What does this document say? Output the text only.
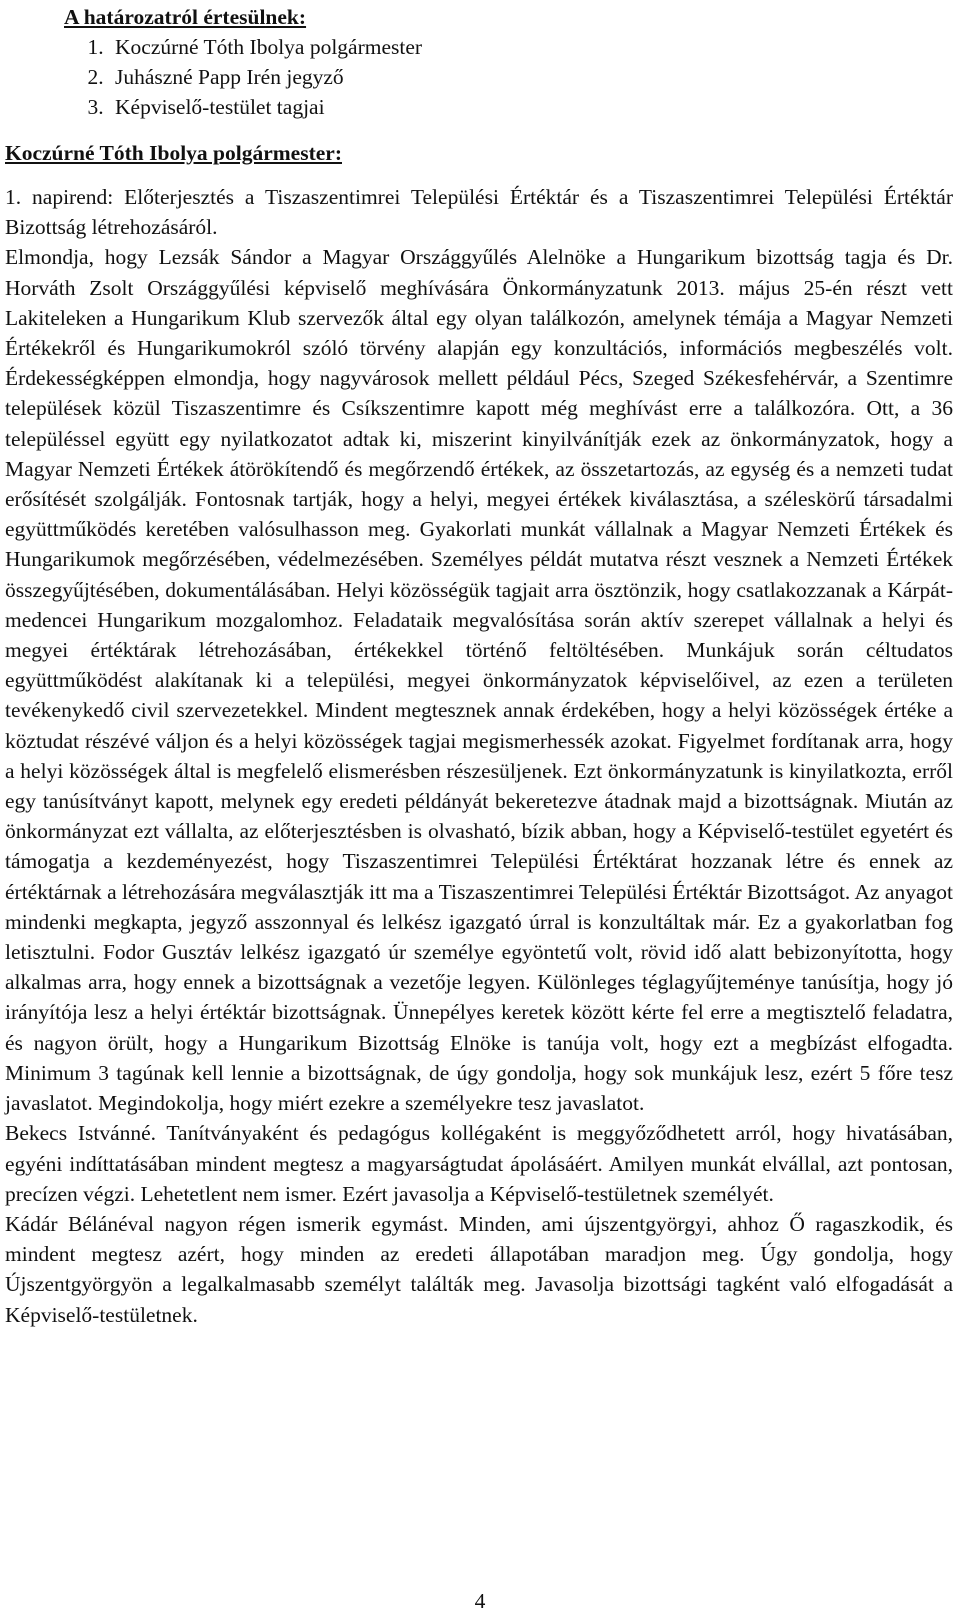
A határozatról értesülnek:

1. Koczúrné Tóth Ibolya polgármester
2. Juhászné Papp Irén jegyző
3. Képviselő-testület tagjai

Koczúrné Tóth Ibolya polgármester:

1. napirend: Előterjesztés a Tiszaszentimrei Települési Értéktár és a Tiszaszentimrei Települési Értéktár Bizottság létrehozásáról.

Elmondja, hogy Lezsák Sándor a Magyar Országgyűlés Alelnöke a Hungarikum bizottság tagja és Dr. Horváth Zsolt Országgyűlési képviselő meghívására Önkormányzatunk 2013. május 25-én részt vett Lakiteleken a Hungarikum Klub szervezők által egy olyan találkozón, amelynek témája a Magyar Nemzeti Értékekről és Hungarikumokról szóló törvény alapján egy konzultációs, információs megbeszélés volt. Érdekességképpen elmondja, hogy nagyvárosok mellett például Pécs, Szeged Székesfehérvár, a Szentimre települések közül Tiszaszentimre és Csíkszentimre kapott még meghívást erre a találkozóra. Ott, a 36 településsel együtt egy nyilatkozatot adtak ki, miszerint kinyilvánítják ezek az önkormányzatok, hogy a Magyar Nemzeti Értékek átörökítendő és megőrzendő értékek, az összetartozás, az egység és a nemzeti tudat erősítését szolgálják. Fontosnak tartják, hogy a helyi, megyei értékek kiválasztása, a széleskörű társadalmi együttműködés keretében valósulhasson meg. Gyakorlati munkát vállalnak a Magyar Nemzeti Értékek és Hungarikumok megőrzésében, védelmezésében. Személyes példát mutatva részt vesznek a Nemzeti Értékek összegyűjtésében, dokumentálásában. Helyi közösségük tagjait arra ösztönzik, hogy csatlakozzanak a Kárpát-medencei Hungarikum mozgalomhoz. Feladataik megvalósítása során aktív szerepet vállalnak a helyi és megyei értéktárak létrehozásában, értékekkel történő feltöltésében. Munkájuk során céltudatos együttműködést alakítanak ki a települési, megyei önkormányzatok képviselőivel, az ezen a területen tevékenykedő civil szervezetekkel. Mindent megtesznek annak érdekében, hogy a helyi közösségek értéke a köztudat részévé váljon és a helyi közösségek tagjai megismerhessék azokat. Figyelmet fordítanak arra, hogy a helyi közösségek által is megfelelő elismerésben részesüljenek. Ezt önkormányzatunk is kinyilatkozta, erről egy tanúsítványt kapott, melynek egy eredeti példányát bekeretezve átadnak majd a bizottságnak. Miután az önkormányzat ezt vállalta, az előterjesztésben is olvasható, bízik abban, hogy a Képviselő-testület egyetért és támogatja a kezdeményezést, hogy Tiszaszentimrei Települési Értéktárat hozzanak létre és ennek az értéktárnak a létrehozására megválasztják itt ma a Tiszaszentimrei Települési Értéktár Bizottságot. Az anyagot mindenki megkapta, jegyző asszonnyal és lelkész igazgató úrral is konzultáltak már. Ez a gyakorlatban fog letisztulni. Fodor Gusztáv lelkész igazgató úr személye egyöntetű volt, rövid idő alatt bebizonyította, hogy alkalmas arra, hogy ennek a bizottságnak a vezetője legyen. Különleges téglagyűjteménye tanúsítja, hogy jó irányítója lesz a helyi értéktár bizottságnak. Ünnepélyes keretek között kérte fel erre a megtisztelő feladatra, és nagyon örült, hogy a Hungarikum Bizottság Elnöke is tanúja volt, hogy ezt a megbízást elfogadta. Minimum 3 tagúnak kell lennie a bizottságnak, de úgy gondolja, hogy sok munkájuk lesz, ezért 5 főre tesz javaslatot. Megindokolja, hogy miért ezekre a személyekre tesz javaslatot.

Bekecs Istvánné. Tanítványaként és pedagógus kollégaként is meggyőződhetett arról, hogy hivatásában, egyéni indíttatásában mindent megtesz a magyarságtudat ápolásáért. Amilyen munkát elvállal, azt pontosan, precízen végzi. Lehetetlent nem ismer. Ezért javasolja a Képviselő-testületnek személyét.

Kádár Bélánéval nagyon régen ismerik egymást. Minden, ami újszentgyörgyi, ahhoz Ő ragaszkodik, és mindent megtesz azért, hogy minden az eredeti állapotában maradjon meg. Úgy gondolja, hogy Újszentgyörgyön a legalkalmasabb személyt találták meg. Javasolja bizottsági tagként való elfogadását a Képviselő-testületnek.

4
